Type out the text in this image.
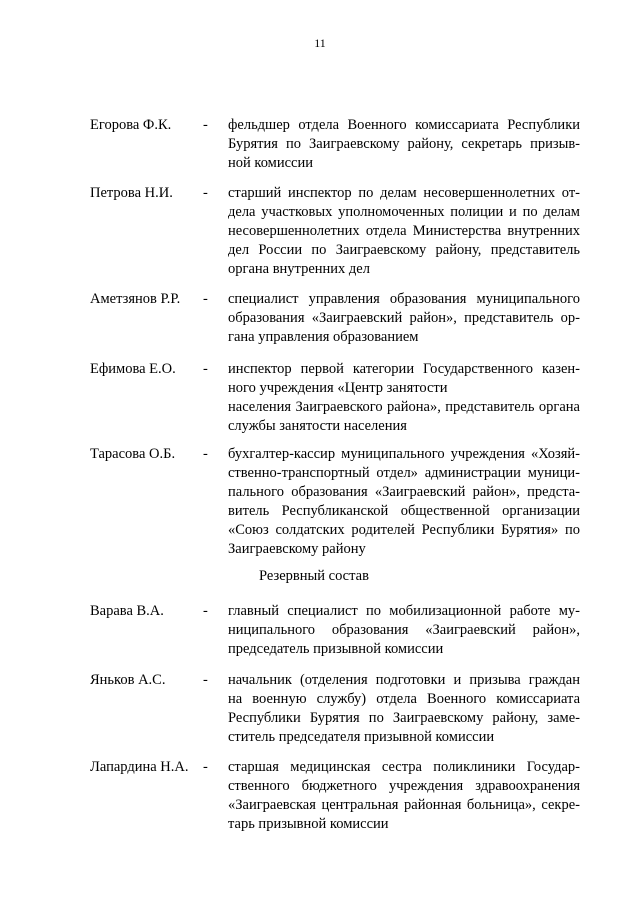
11
Егорова Ф.К. - фельдшер отдела Военного комиссариата Республики
Бурятия по Заиграевскому району, секретарь призыв-
ной комиссии
Петрова Н.И. - старший инспектор по делам несовершеннолетних от-
дела участковых уполномоченных полиции и по делам
несовершеннолетних отдела Министерства внутренних
дел России по Заиграевскому району, представитель
органа внутренних дел
Аметзянов Р.Р. - специалист управления образования муниципального
образования «Заиграевский район», представитель ор-
гана управления образованием
Ефимова Е.О. - инспектор первой категории Государственного казен-
ного учреждения «Центр занятости
населения Заиграевского района», представитель органа
службы занятости населения
Тарасова О.Б. - бухгалтер-кассир муниципального учреждения «Хозяй-
ственно-транспортный отдел» администрации муници-
пального образования «Заиграевский район», предста-
витель Республиканской общественной организации
«Союз солдатских родителей Республики Бурятия» по
Заиграевскому району
Резервный состав
Варава В.А.	- главный специалист по мобилизационной работе му-
ниципального образования «Заиграевский район»,
председатель призывной комиссии
Яньков А.С.	- начальник (отделения подготовки и призыва граждан
на военную службу) отдела Военного комиссариата
Республики Бурятия по Заиграевскому району, заме-
ститель председателя призывной комиссии
Лапардина Н.А. - старшая медицинская сестра поликлиники Государ-
ственного бюджетного учреждения здравоохранения
«Заиграевская центральная районная больница», секре-
тарь призывной комиссии
